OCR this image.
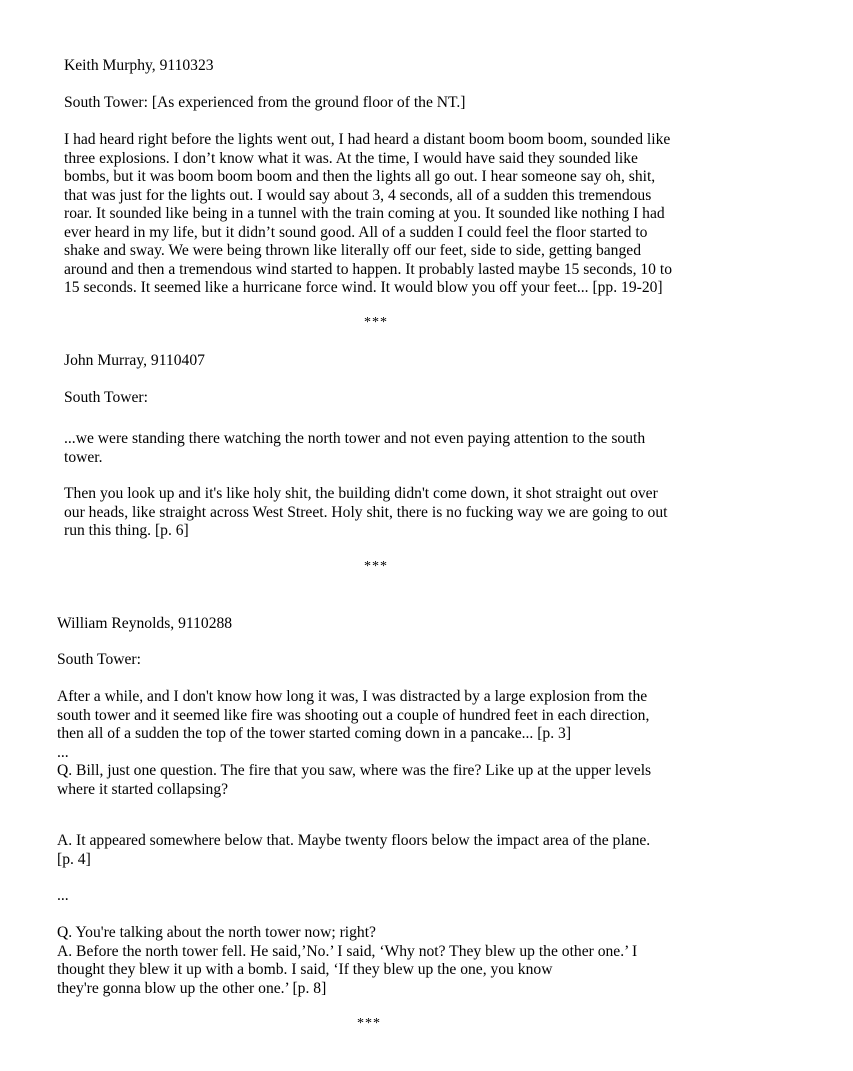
Keith Murphy, 9110323
South Tower: [As experienced from the ground floor of the NT.]
I had heard right before the lights went out, I had heard a distant boom boom boom, sounded like
three explosions. I don’t know what it was. At the time, I would have said they sounded like
bombs, but it was boom boom boom and then the lights all go out. I hear someone say oh, shit,
that was just for the lights out. I would say about 3, 4 seconds, all of a sudden this tremendous
roar. It sounded like being in a tunnel with the train coming at you. It sounded like nothing I had
ever heard in my life, but it didn’t sound good. All of a sudden I could feel the floor started to
shake and sway. We were being thrown like literally off our feet, side to side, getting banged
around and then a tremendous wind started to happen. It probably lasted maybe 15 seconds, 10 to
15 seconds. It seemed like a hurricane force wind. It would blow you off your feet... [pp. 19-20]
***
John Murray, 9110407
South Tower:
...we were standing there watching the north tower and not even paying attention to the south
tower.
Then you look up and it's like holy shit, the building didn't come down, it shot straight out over
our heads, like straight across West Street. Holy shit, there is no fucking way we are going to out
run this thing. [p. 6]
***
William Reynolds, 9110288
South Tower:
After a while, and I don't know how long it was, I was distracted by a large explosion from the
south tower and it seemed like fire was shooting out a couple of hundred feet in each direction,
then all of a sudden the top of the tower started coming down in a pancake... [p. 3]
...
Q. Bill, just one question. The fire that you saw, where was the fire? Like up at the upper levels
where it started collapsing?
A. It appeared somewhere below that. Maybe twenty floors below the impact area of the plane.
[p. 4]
...
Q. You're talking about the north tower now; right?
A. Before the north tower fell. He said,’No.’ I said, ‘Why not? They blew up the other one.’ I
thought they blew it up with a bomb. I said, ‘If they blew up the one, you know
they're gonna blow up the other one.’ [p. 8]
***
